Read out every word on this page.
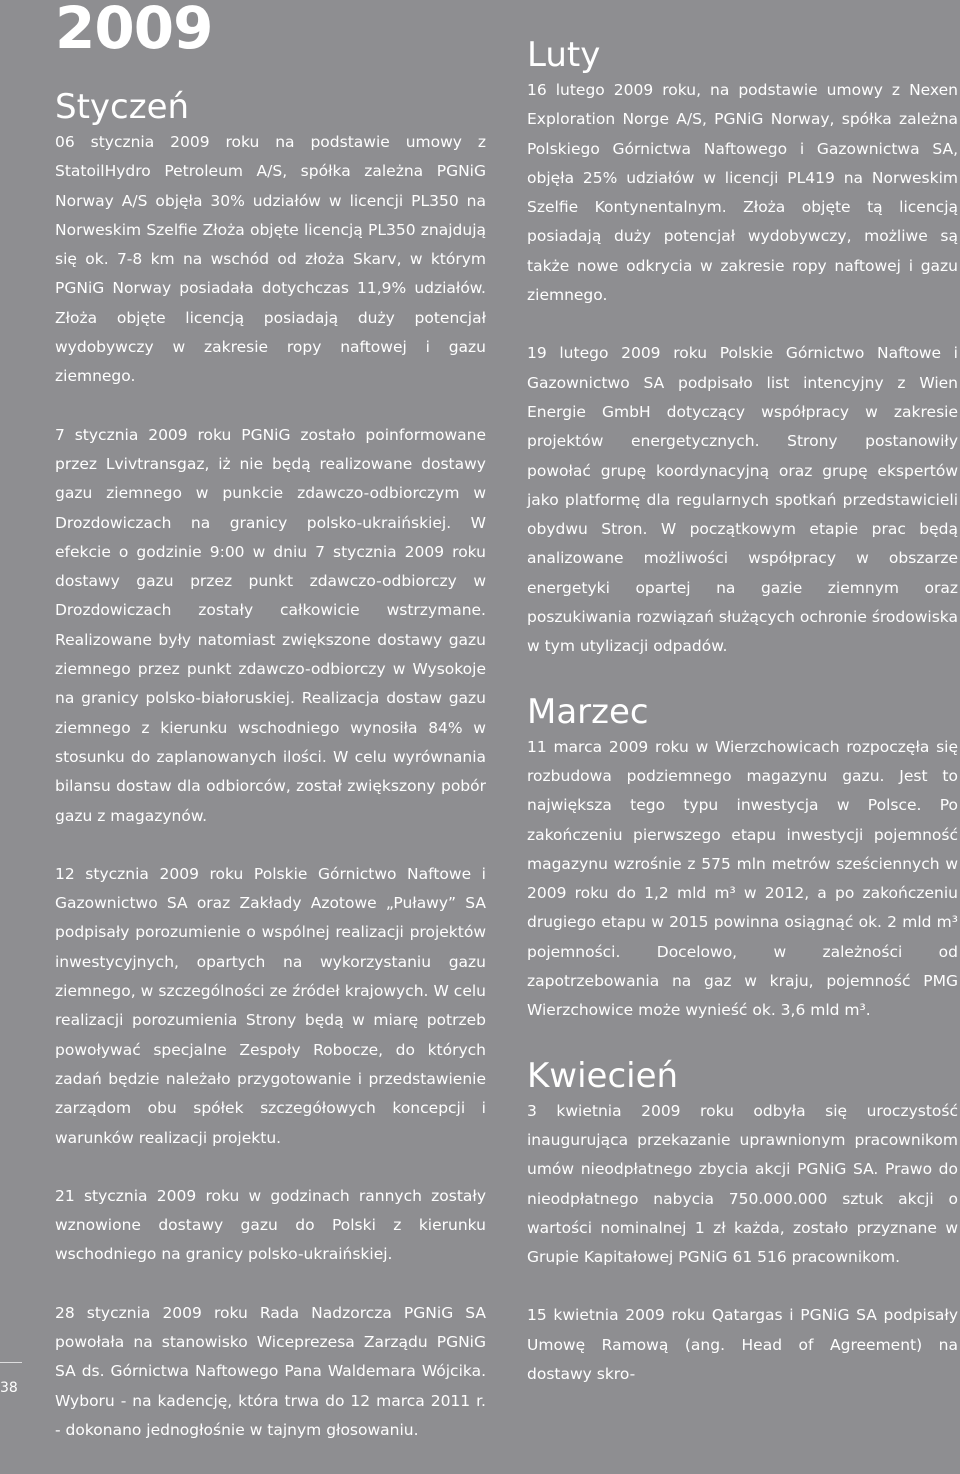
2009
Styczeń

06 stycznia 2009 roku na podstawie umowy z StatoilHydro Petroleum A/S, spółka zależna PGNiG Norway A/S objęła 30% udziałów w licencji PL350 na Norweskim Szelfie Złoża objęte licencją PL350 znajdują się ok. 7-8 km na wschód od złoża Skarv, w którym PGNiG Norway posiadała dotychczas 11,9% udziałów. Złoża objęte licencją posiadają duży potencjał wydobywczy w zakresie ropy naftowej i gazu ziemnego.

7 stycznia 2009 roku PGNiG zostało poinformowane przez Lvivtransgaz, iż nie będą realizowane dostawy gazu ziemnego w punkcie zdawczo-odbiorczym w Drozdowiczach na granicy polsko-ukraińskiej. W efekcie o godzinie 9:00 w dniu 7 stycznia 2009 roku dostawy gazu przez punkt zdawczo-odbiorczy w Drozdowiczach zostały całkowicie wstrzymane. Realizowane były natomiast zwiększone dostawy gazu ziemnego przez punkt zdawczo-odbiorczy w Wysokoje na granicy polsko-białoruskiej. Realizacja dostaw gazu ziemnego z kierunku wschodniego wynosiła 84% w stosunku do zaplanowanych ilości. W celu wyrównania bilansu dostaw dla odbiorców, został zwiększony pobór gazu z magazynów.

12 stycznia 2009 roku Polskie Górnictwo Naftowe i Gazownictwo SA oraz Zakłady Azotowe „Puławy” SA podpisały porozumienie o wspólnej realizacji projektów inwestycyjnych, opartych na wykorzystaniu gazu ziemnego, w szczególności ze źródeł krajowych. W celu realizacji porozumienia Strony będą w miarę potrzeb powoływać specjalne Zespoły Robocze, do których zadań będzie należało przygotowanie i przedstawienie zarządom obu spółek szczegółowych koncepcji i warunków realizacji projektu.

21 stycznia 2009 roku w godzinach rannych zostały wznowione dostawy gazu do Polski z kierunku wschodniego na granicy polsko-ukraińskiej.

28 stycznia 2009 roku Rada Nadzorcza PGNiG SA powołała na stanowisko Wiceprezesa Zarządu PGNiG SA ds. Górnictwa Naftowego Pana Waldemara Wójcika. Wyboru - na kadencję, która trwa do 12 marca 2011 r. - dokonano jednogłośnie w tajnym głosowaniu.

Luty

16 lutego 2009 roku, na podstawie umowy z Nexen Exploration Norge A/S, PGNiG Norway, spółka zależna Polskiego Górnictwa Naftowego i Gazownictwa SA, objęła 25% udziałów w licencji PL419 na Norweskim Szelfie Kontynentalnym. Złoża objęte tą licencją posiadają duży potencjał wydobywczy, możliwe są także nowe odkrycia w zakresie ropy naftowej i gazu ziemnego.

19 lutego 2009 roku Polskie Górnictwo Naftowe i Gazownictwo SA podpisało list intencyjny z Wien Energie GmbH dotyczący współpracy w zakresie projektów energetycznych. Strony postanowiły powołać grupę koordynacyjną oraz grupę ekspertów jako platformę dla regularnych spotkań przedstawicieli obydwu Stron. W początkowym etapie prac będą analizowane możliwości współpracy w obszarze energetyki opartej na gazie ziemnym oraz poszukiwania rozwiązań służących ochronie środowiska w tym utylizacji odpadów.

Marzec

11 marca 2009 roku w Wierzchowicach rozpoczęła się rozbudowa podziemnego magazynu gazu. Jest to największa tego typu inwestycja w Polsce. Po zakończeniu pierwszego etapu inwestycji pojemność magazynu wzrośnie z 575 mln metrów sześciennych w 2009 roku do 1,2 mld m³ w 2012, a po zakończeniu drugiego etapu w 2015 powinna osiągnąć ok. 2 mld m³ pojemności. Docelowo, w zależności od zapotrzebowania na gaz w kraju, pojemność PMG Wierzchowice może wynieść ok. 3,6 mld m³.

Kwiecień

3 kwietnia 2009 roku odbyła się uroczystość inaugurująca przekazanie uprawnionym pracownikom umów nieodpłatnego zbycia akcji PGNiG SA. Prawo do nieodpłatnego nabycia 750.000.000 sztuk akcji o wartości nominalnej 1 zł każda, zostało przyznane w Grupie Kapitałowej PGNiG 61 516 pracownikom.

15 kwietnia 2009 roku Qatargas i PGNiG SA podpisały Umowę Ramową (ang. Head of Agreement) na dostawy skro-

38
